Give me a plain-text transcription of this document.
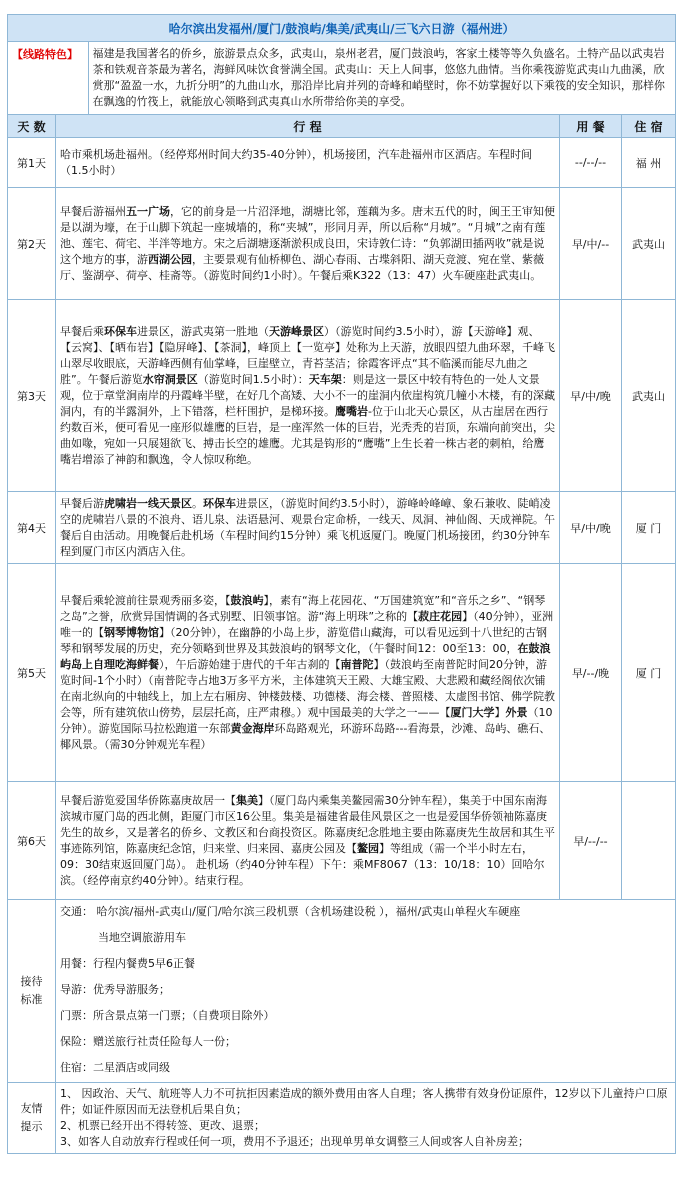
哈尔滨出发福州/厦门/鼓浪屿/集美/武夷山/三飞六日游（福州进）

【线路特色】	福建是我国著名的侨乡，旅游景点众多，武夷山，泉州老君，厦门鼓浪屿，客家土楼等等久负盛名。土特产品以武夷岩茶和铁观音茶最为著名，海鲜风味饮食誉满全国。武夷山：天上人间事，悠悠九曲情。当你乘筏游览武夷山九曲溪，欣赏那“盈盈一水，九折分明”的九曲山水，那沿岸比肩并列的奇峰和峭壁时，你不妨掌握好以下乘筏的安全知识，那样你在飘逸的竹筏上，就能放心领略到武夷真山水所带给你美的享受。

天 数	行 程	用 餐	住 宿
第1天	哈市乘机场赴福州。（经停郑州时间大约35-40分钟），机场接团，汽车赴福州市区酒店。车程时间（1.5小时）	--/--/--	福 州
第2天	早餐后游福州五一广场，它的前身是一片沼泽地，湖塘比邻，莲藕为多。唐末五代的时，闽王王审知便是以湖为壕，在于山脚下筑起一座城墙的，称“夹城”，形同月弄，所以后称“月城”。“月城”之南有莲池、莲宅、荷宅、半泮等地方。宋之后湖塘逐渐淤积成良田，宋诗敦仁诗：“负郭湖田插两收”就是说这个地方的事，游西湖公园，主要景观有仙桥柳色、湖心春雨、古堞斜阳、湖天竞渡、宛在堂、紫薇厅、鉴湖亭、荷亭、桂斋等。（游览时间约1小时）。午餐后乘K322（13：47）火车硬座赴武夷山。	早/中/--	武夷山
第3天	早餐后乘环保车进景区，游武夷第一胜地（天游峰景区）（游览时间约3.5小时），游【天游峰】观、【云窝】、【晒布岩】【隐屏峰】、【茶洞】，峰顶上【一览亭】处称为上天游，放眼四望九曲环翠，千峰飞山翠尽收眼底，天游峰西侧有仙掌峰，巨崖壁立，青苔茎洁；徐霞客评点“其不临溪而能尽九曲之胜”。午餐后游览水帘洞景区（游览时间1.5小时）：天车架：则是这一景区中较有特色的一处人文景观，位于章堂涧南岸的丹霞峰半壁，在好几个高矮、大小不一的崖洞内依崖构筑几幢小木楼，有的深藏洞内，有的半露洞外，上下错落，栏杆围护，是梯环接。鹰嘴岩-位于山北天心景区，从古崖居在西行约数百米，便可看见一座形似雄鹰的巨岩，是一座浑然一体的巨岩，光秃秃的岩顶，东端向前突出，尖曲如喙，宛如一只展翅欲飞、搏击长空的雄鹰。尤其是钩形的“鹰嘴”上生长着一株古老的刺柏，给鹰嘴岩增添了神韵和飘逸，令人惊叹称绝。	早/中/晚	武夷山
第4天	早餐后游虎啸岩一线天景区。环保车进景区，（游览时间约3.5小时），游峰岭峰嶂、象石兼收、陡峭凌空的虎啸岩八景的不浪舟、语儿泉、法语悬河、观景台定命桥，一线天、凤洞、神仙阁、天成禅院。午餐后自由活动。用晚餐后赴机场（车程时间约15分钟）乘飞机返厦门。晚厦门机场接团，约30分钟车程到厦门市区内酒店入住。	早/中/晚	厦 门
第5天	早餐后乘轮渡前往景观秀丽多姿，【鼓浪屿】，素有“海上花园花、“万国建筑宽”和“音乐之乡”、“钢琴之岛”之誉，欣赏异国情调的各式别墅、旧领事馆。游“海上明珠”之称的【菽庄花园】（40分钟），亚洲唯一的【钢琴博物馆】（20分钟），在幽静的小岛上步，游览借山藏海，可以看见远到十八世纪的古钢琴和钢琴发展的历史，充分领略到世界及其鼓浪屿的钢琴文化，（午餐时间12：00至13：00，在鼓浪屿岛上自理吃海鲜餐），午后游始建于唐代的千年古刹的【南普陀】（鼓浪屿至南普陀时间20分钟，游览时间-1个小时）（南普陀寺占地3万多平方米，主体建筑天王殿、大雄宝殿、大悲殿和藏经阁依次铺在南北纵向的中轴线上，加上左右厢房、钟楼鼓楼、功德楼、海会楼、普照楼、太虚图书馆、佛学院教会等，所有建筑依山傍势，层层托高，庄严肃穆。）观中国最美的大学之一——【厦门大学】外景（10分钟）。游览国际马拉松跑道一东部黄金海岸环岛路观光，环游环岛路---看海景，沙滩、岛屿、礁石、椰风景。（需30分钟观光车程）	早/--/晚	厦 门
第6天	早餐后游览爱国华侨陈嘉庚故居一【集美】（厦门岛内乘集美鳌园需30分钟车程），集美于中国东南海滨城市厦门岛的西北侧，距厦门市区16公里。集美是福建省最佳风景区之一也是爱国华侨领袖陈嘉庚先生的故乡，又是著名的侨乡、文教区和台商投资区。陈嘉庚纪念胜地主要由陈嘉庚先生故居和其生平事迹陈列馆，陈嘉庚纪念馆，归来堂、归来园、嘉庚公园及【鳌园】等组成（需一个半小时左右，09：30结束返回厦门岛）。 赴机场（约40分钟车程）下午：乘MF8067（13：10/18：10）回哈尔滨。（经停南京约40分钟）。结束行程。	早/--/--	
接待标准	

交通： 哈尔滨/福州-武夷山/厦门/哈尔滨三段机票（含机场建设税 ），福州/武夷山单程火车硬座

当地空调旅游用车

用餐：行程内餐费5早6正餐

导游：优秀导游服务；

门票：所含景点第一门票；（自费项目除外）

保险：赠送旅行社责任险每人一份；

住宿：二星酒店或同级

友情提示	
1、 因政治、天气、航班等人力不可抗拒因素造成的额外费用由客人自理；客人携带有效身份证原件，12岁以下儿童持户口原件；如证件原因而无法登机后果自负；
2、机票已经开出不得转签、更改、退票；
3、如客人自动放弃行程或任何一项，费用不予退还；出现单男单女调整三人间或客人自补房差；
